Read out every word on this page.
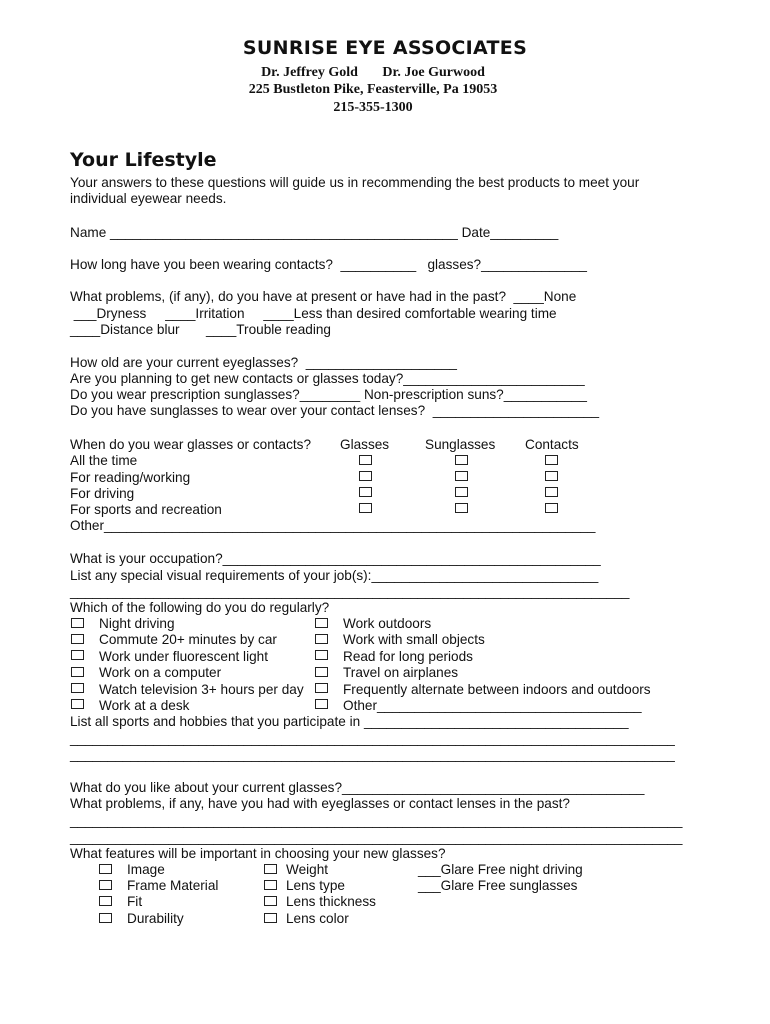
SUNRISE EYE ASSOCIATES
Dr. Jeffrey Gold       Dr. Joe Gurwood
225 Bustleton Pike, Feasterville, Pa 19053
215-355-1300
Your Lifestyle
Your answers to these questions will guide us in recommending the best products to meet your
individual eyewear needs.
Name ______________________________________________ Date_________
How long have you been wearing contacts?  __________   glasses?______________
What problems, (if any), do you have at present or have had in the past?  ____None
___Dryness     ____Irritation     ____Less than desired comfortable wearing time
____Distance blur       ____Trouble reading
How old are your current eyeglasses?  ____________________
Are you planning to get new contacts or glasses today?________________________
Do you wear prescription sunglasses?________ Non-prescription suns?___________
Do you have sunglasses to wear over your contact lenses?  ______________________
When do you wear glasses or contacts? Glasses	Sunglasses Contacts
All the time
For reading/working
For driving
For sports and recreation
Other_________________________________________________________________
What is your occupation?__________________________________________________
List any special visual requirements of your job(s):______________________________
__________________________________________________________________________
Which of the following do you do regularly?
Night driving
Commute 20+ minutes by car
Work under fluorescent light
Work on a computer
Watch television 3+ hours per day
Work at a desk
Work outdoors
Work with small objects
Read for long periods
Travel on airplanes
Frequently alternate between indoors and outdoors
Other___________________________________
List all sports and hobbies that you participate in ___________________________________
________________________________________________________________________________
________________________________________________________________________________
What do you like about your current glasses?________________________________________
What problems, if any, have you had with eyeglasses or contact lenses in the past?
_________________________________________________________________________________
_________________________________________________________________________________
What features will be important in choosing your new glasses?
Image
Frame Material
Fit
Durability
Weight
Lens type
Lens thickness
Lens color
___Glare Free night driving
___Glare Free sunglasses
